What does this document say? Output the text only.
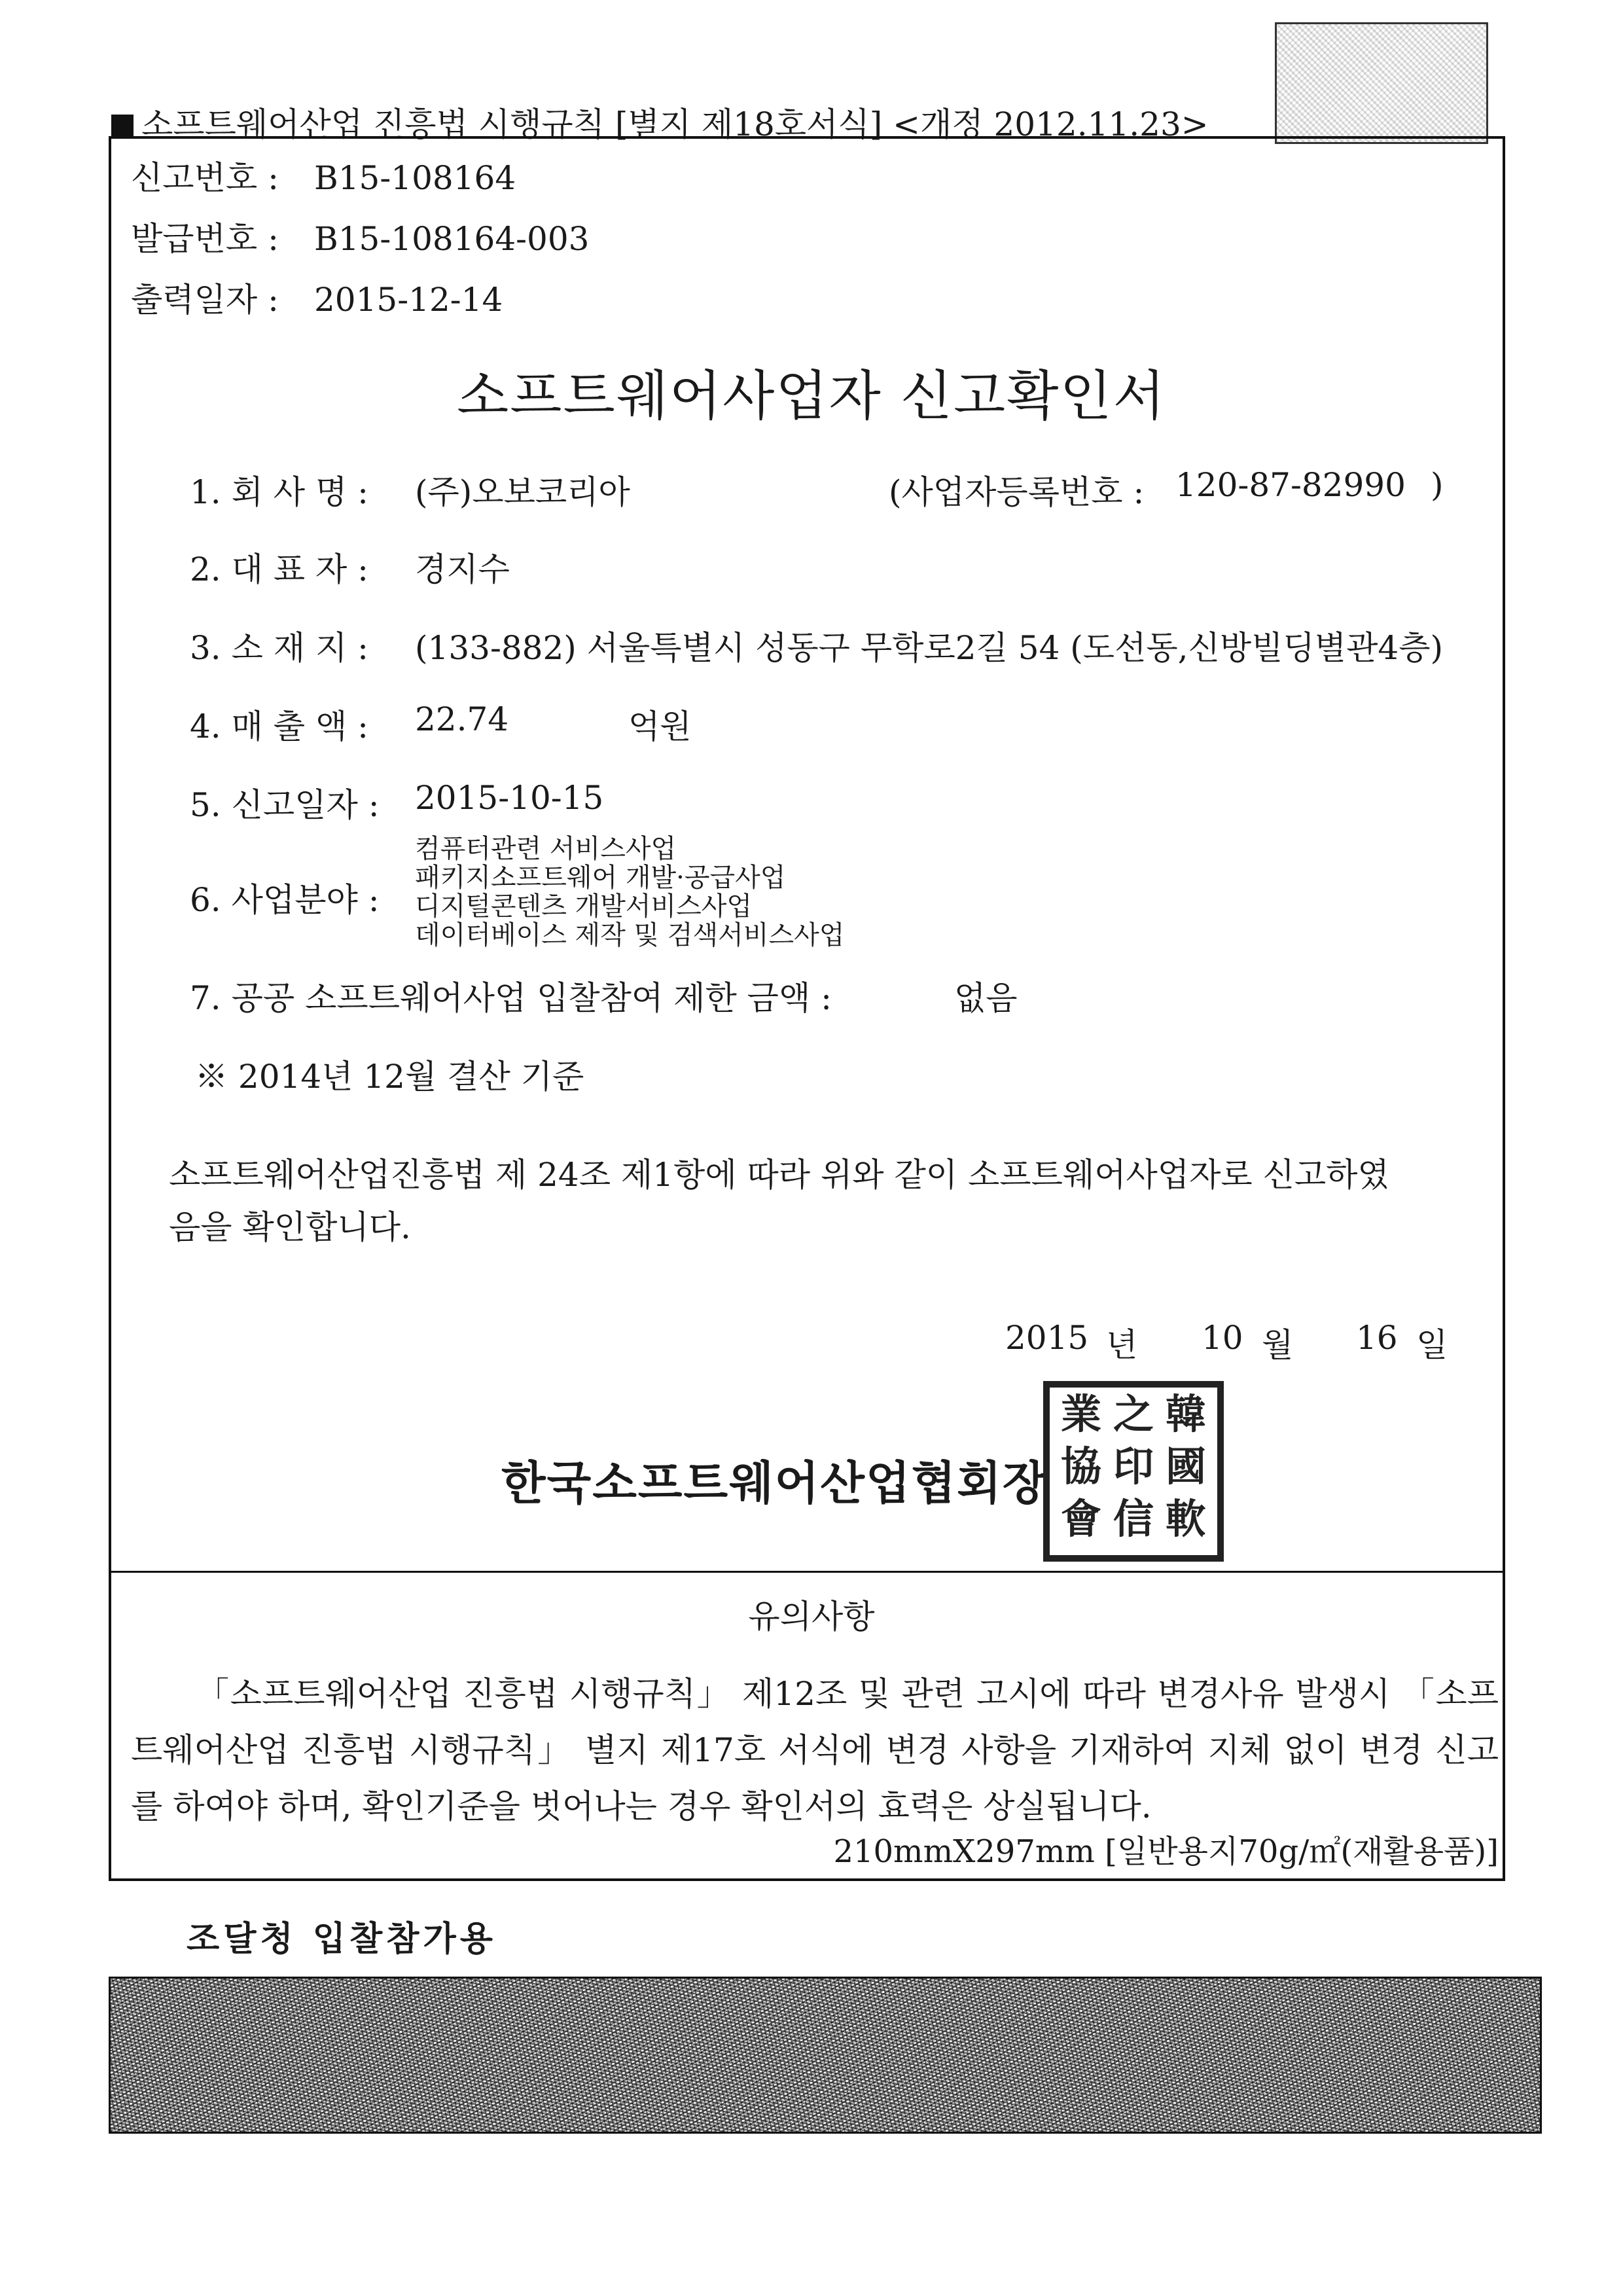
소프트웨어산업 진흥법 시행규칙 [별지 제18호서식] <개정 2012.11.23>
신고번호 : B15-108164
발급번호 : B15-108164-003
출력일자 : 2015-12-14
소프트웨어사업자 신고확인서
1. 회 사 명 : (주)오보코리아	(사업자등록번호 : 120-87-82990 )
2. 대 표 자 : 경지수
3. 소 재 지 : (133-882) 서울특별시 성동구 무학로2길 54 (도선동,신방빌딩별관4층)
4. 매 출 액 : 22.74	억원
5. 신고일자 : 2015-10-15
6. 사업분야 :
컴퓨터관련 서비스사업
패키지소프트웨어 개발·공급사업
디지털콘텐츠 개발서비스사업
데이터베이스 제작 및 검색서비스사업
7. 공공 소프트웨어사업 입찰참여 제한 금액 :	없음
※ 2014년 12월 결산 기준
소프트웨어산업진흥법 제 24조 제1항에 따라 위와 같이 소프트웨어사업자로 신고하였
음을 확인합니다.
2015 년 10 월 16 일
한국소프트웨어산업협회장
業 之 韓
協 印 國
會 信 軟
유의사항
「소프트웨어산업 진흥법 시행규칙」 제12조 및 관련 고시에 따라 변경사유 발생시 「소프트웨어산업 진흥법 시행규칙」 별지 제17호 서식에 변경 사항을 기재하여 지체 없이 변경 신고를 하여야 하며, 확인기준을 벗어나는 경우 확인서의 효력은 상실됩니다.
210mmX297mm [일반용지70g/㎡(재활용품)]
조달청 입찰참가용
